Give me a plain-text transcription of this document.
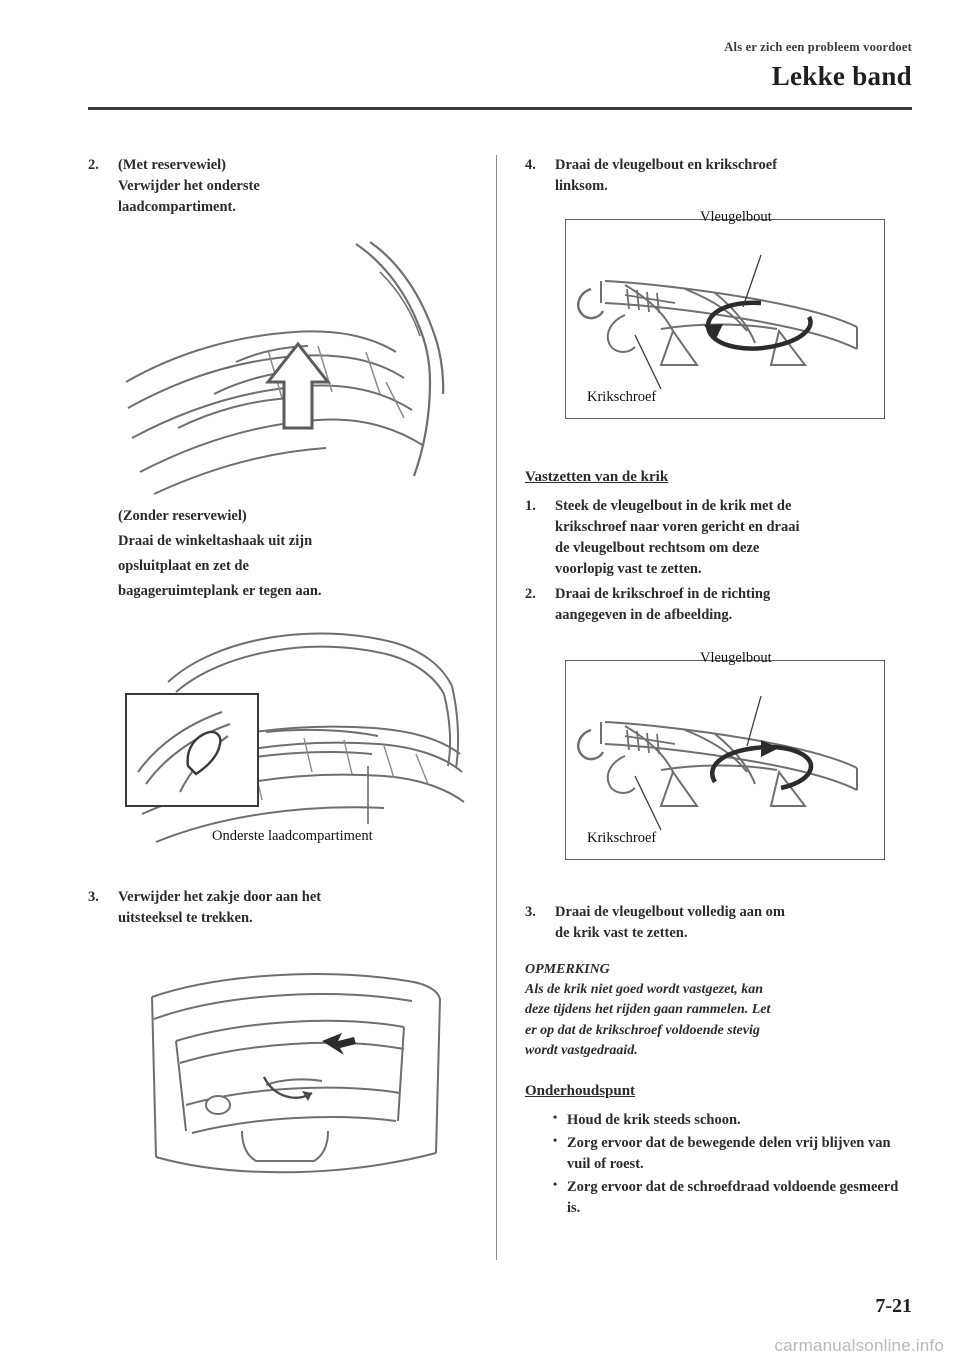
Als er zich een probleem voordoet
Lekke band
2.	(Met reservewiel)
Verwijder het onderste
laadcompartiment.
(Zonder reservewiel)
Draai de winkeltashaak uit zijn
opsluitplaat en zet de
bagageruimteplank er tegen aan.
Onderste laadcompartiment
3.	Verwijder het zakje door aan het
uitsteeksel te trekken.
4.	Draai de vleugelbout en krikschroef
linksom.
Vleugelbout
Krikschroef
Vastzetten van de krik
1.	Steek de vleugelbout in de krik met de
krikschroef naar voren gericht en draai
de vleugelbout rechtsom om deze
voorlopig vast te zetten.
2.	Draai de krikschroef in de richting
aangegeven in de afbeelding.
Vleugelbout
Krikschroef
3.	Draai de vleugelbout volledig aan om
de krik vast te zetten.
OPMERKING
Als de krik niet goed wordt vastgezet, kan
deze tijdens het rijden gaan rammelen. Let
er op dat de krikschroef voldoende stevig
wordt vastgedraaid.
Onderhoudspunt
• Houd de krik steeds schoon.
• Zorg ervoor dat de bewegende delen vrij blijven van vuil of roest.
• Zorg ervoor dat de schroefdraad voldoende gesmeerd is.
7-21
carmanualsonline.info
